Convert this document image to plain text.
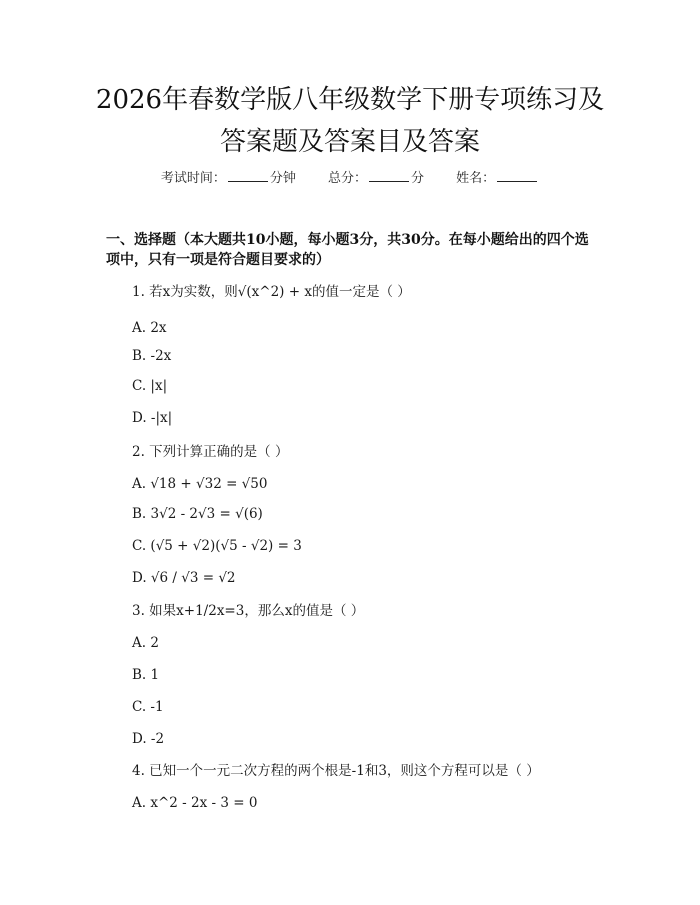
2026年春数学版八年级数学下册专项练习及
答案题及答案目及答案
考试时间：	分钟 总分：	分 姓名：
一、选择题（本大题共10小题，每小题3分，共30分。在每小题给出的四个选
项中，只有一项是符合题目要求的）
1. 若x为实数，则√(x^2) + x的值一定是（ ）
A. 2x
B. -2x
C. |x|
D. -|x|
2. 下列计算正确的是（ ）
A. √18 + √32 = √50
B. 3√2 - 2√3 = √(6)
C. (√5 + √2)(√5 - √2) = 3
D. √6 / √3 = √2
3. 如果x+1/2x=3，那么x的值是（ ）
A. 2
B. 1
C. -1
D. -2
4. 已知一个一元二次方程的两个根是-1和3，则这个方程可以是（ ）
A. x^2 - 2x - 3 = 0
